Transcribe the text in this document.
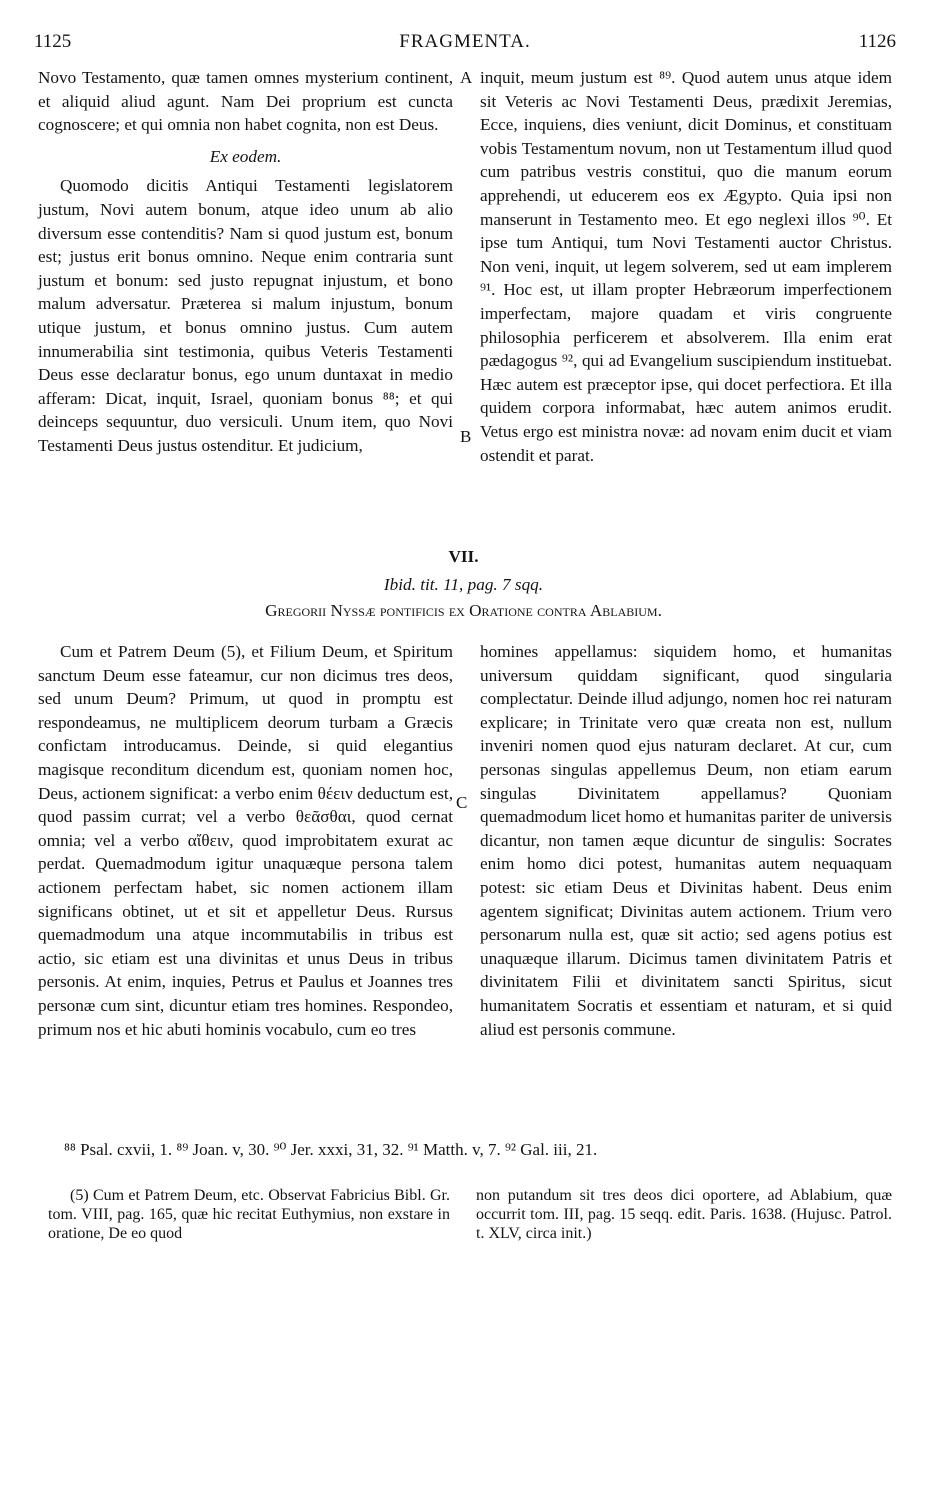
1125	FRAGMENTA.	1126

Novo Testamento, quæ tamen omnes mysterium continent, et aliquid aliud agunt. Nam Dei proprium est cuncta cognoscere; et qui omnia non habet cognita, non est Deus.

Ex eodem.

Quomodo dicitis Antiqui Testamenti legislatorem justum, Novi autem bonum, atque ideo unum ab alio diversum esse contenditis? Nam si quod justum est, bonum est; justus erit bonus omnino. Neque enim contraria sunt justum et bonum: sed justo repugnat injustum, et bono malum adversatur. Præterea si malum injustum, bonum utique justum, et bonus omnino justus. Cum autem innumerabilia sint testimonia, quibus Veteris Testamenti Deus esse declaratur bonus, ego unum duntaxat in medio afferam: Dicat, inquit, Israel, quoniam bonus ⁸⁸; et qui deinceps sequuntur, duo versiculi. Unum item, quo Novi Testamenti Deus justus ostenditur. Et judicium,

inquit, meum justum est ⁸⁹. Quod autem unus atque idem sit Veteris ac Novi Testamenti Deus, prædixit Jeremias, Ecce, inquiens, dies veniunt, dicit Dominus, et constituam vobis Testamentum novum, non ut Testamentum illud quod cum patribus vestris constitui, quo die manum eorum apprehendi, ut educerem eos ex Ægypto. Quia ipsi non manserunt in Testamento meo. Et ego neglexi illos ⁹⁰. Et ipse tum Antiqui, tum Novi Testamenti auctor Christus. Non veni, inquit, ut legem solverem, sed ut eam implerem ⁹¹. Hoc est, ut illam propter Hebræorum imperfectionem imperfectam, majore quadam et viris congruente philosophia perficerem et absolverem. Illa enim erat pædagogus ⁹², qui ad Evangelium suscipiendum instituebat. Hæc autem est præceptor ipse, qui docet perfectiora. Et illa quidem corpora informabat, hæc autem animos erudit. Vetus ergo est ministra novæ: ad novam enim ducit et viam ostendit et parat.

A
B
C
VII.
Ibid. tit. 11, pag. 7 sqq.
Gregorii Nyssæ pontificis ex Oratione contra Ablabium.

Cum et Patrem Deum (5), et Filium Deum, et Spiritum sanctum Deum esse fateamur, cur non dicimus tres deos, sed unum Deum? Primum, ut quod in promptu est respondeamus, ne multiplicem deorum turbam a Græcis confictam introducamus. Deinde, si quid elegantius magisque reconditum dicendum est, quoniam nomen hoc, Deus, actionem significat: a verbo enim θέειν deductum est, quod passim currat; vel a verbo θεᾶσθαι, quod cernat omnia; vel a verbo αἴθειν, quod improbitatem exurat ac perdat. Quemadmodum igitur unaquæque persona talem actionem perfectam habet, sic nomen actionem illam significans obtinet, ut et sit et appelletur Deus. Rursus quemadmodum una atque incommutabilis in tribus est actio, sic etiam est una divinitas et unus Deus in tribus personis. At enim, inquies, Petrus et Paulus et Joannes tres personæ cum sint, dicuntur etiam tres homines. Respondeo, primum nos et hic abuti hominis vocabulo, cum eo tres

homines appellamus: siquidem homo, et humanitas universum quiddam significant, quod singularia complectatur. Deinde illud adjungo, nomen hoc rei naturam explicare; in Trinitate vero quæ creata non est, nullum inveniri nomen quod ejus naturam declaret. At cur, cum personas singulas appellemus Deum, non etiam earum singulas Divinitatem appellamus? Quoniam quemadmodum licet homo et humanitas pariter de universis dicantur, non tamen æque dicuntur de singulis: Socrates enim homo dici potest, humanitas autem nequaquam potest: sic etiam Deus et Divinitas habent. Deus enim agentem significat; Divinitas autem actionem. Trium vero personarum nulla est, quæ sit actio; sed agens potius est unaquæque illarum. Dicimus tamen divinitatem Patris et divinitatem Filii et divinitatem sancti Spiritus, sicut humanitatem Socratis et essentiam et naturam, et si quid aliud est personis commune.

⁸⁸ Psal. cxvii, 1. ⁸⁹ Joan. v, 30. ⁹⁰ Jer. xxxi, 31, 32. ⁹¹ Matth. v, 7. ⁹² Gal. iii, 21.

(5) Cum et Patrem Deum, etc. Observat Fabricius Bibl. Gr. tom. VIII, pag. 165, quæ hic recitat Euthymius, non exstare in oratione, De eo quod

non putandum sit tres deos dici oportere, ad Ablabium, quæ occurrit tom. III, pag. 15 seqq. edit. Paris. 1638. (Hujusc. Patrol. t. XLV, circa init.)
